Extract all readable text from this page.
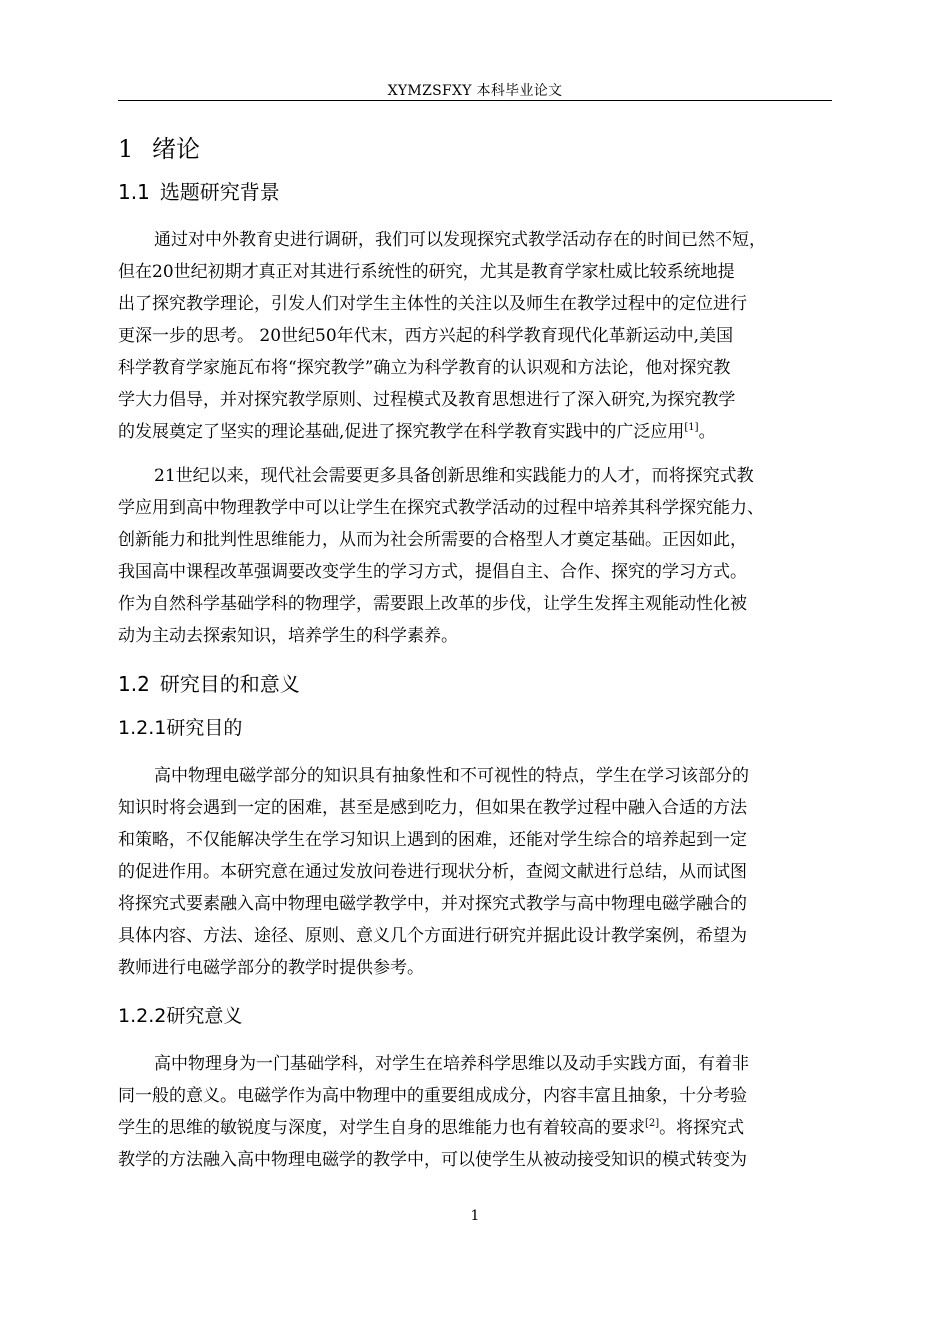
XYMZSFXY 本科毕业论文
1 绪论
1.1 选题研究背景

通过对中外教育史进行调研，我们可以发现探究式教学活动存在的时间已然不短，
但在20世纪初期才真正对其进行系统性的研究，尤其是教育学家杜威比较系统地提
出了探究教学理论，引发人们对学生主体性的关注以及师生在教学过程中的定位进行
更深一步的思考。 20世纪50年代末，西方兴起的科学教育现代化革新运动中,美国
科学教育学家施瓦布将“探究教学”确立为科学教育的认识观和方法论，他对探究教
学大力倡导，并对探究教学原则、过程模式及教育思想进行了深入研究,为探究教学
的发展奠定了坚实的理论基础,促进了探究教学在科学教育实践中的广泛应用[1]。

21世纪以来，现代社会需要更多具备创新思维和实践能力的人才，而将探究式教
学应用到高中物理教学中可以让学生在探究式教学活动的过程中培养其科学探究能力、
创新能力和批判性思维能力，从而为社会所需要的合格型人才奠定基础。正因如此，
我国高中课程改革强调要改变学生的学习方式，提倡自主、合作、探究的学习方式。
作为自然科学基础学科的物理学，需要跟上改革的步伐，让学生发挥主观能动性化被
动为主动去探索知识，培养学生的科学素养。

1.2 研究目的和意义
1.2.1研究目的

高中物理电磁学部分的知识具有抽象性和不可视性的特点，学生在学习该部分的
知识时将会遇到一定的困难，甚至是感到吃力，但如果在教学过程中融入合适的方法
和策略，不仅能解决学生在学习知识上遇到的困难，还能对学生综合的培养起到一定
的促进作用。本研究意在通过发放问卷进行现状分析，查阅文献进行总结，从而试图
将探究式要素融入高中物理电磁学教学中，并对探究式教学与高中物理电磁学融合的
具体内容、方法、途径、原则、意义几个方面进行研究并据此设计教学案例，希望为
教师进行电磁学部分的教学时提供参考。

1.2.2研究意义

高中物理身为一门基础学科，对学生在培养科学思维以及动手实践方面，有着非
同一般的意义。电磁学作为高中物理中的重要组成成分，内容丰富且抽象，十分考验
学生的思维的敏锐度与深度，对学生自身的思维能力也有着较高的要求[2]。将探究式
教学的方法融入高中物理电磁学的教学中，可以使学生从被动接受知识的模式转变为

1
